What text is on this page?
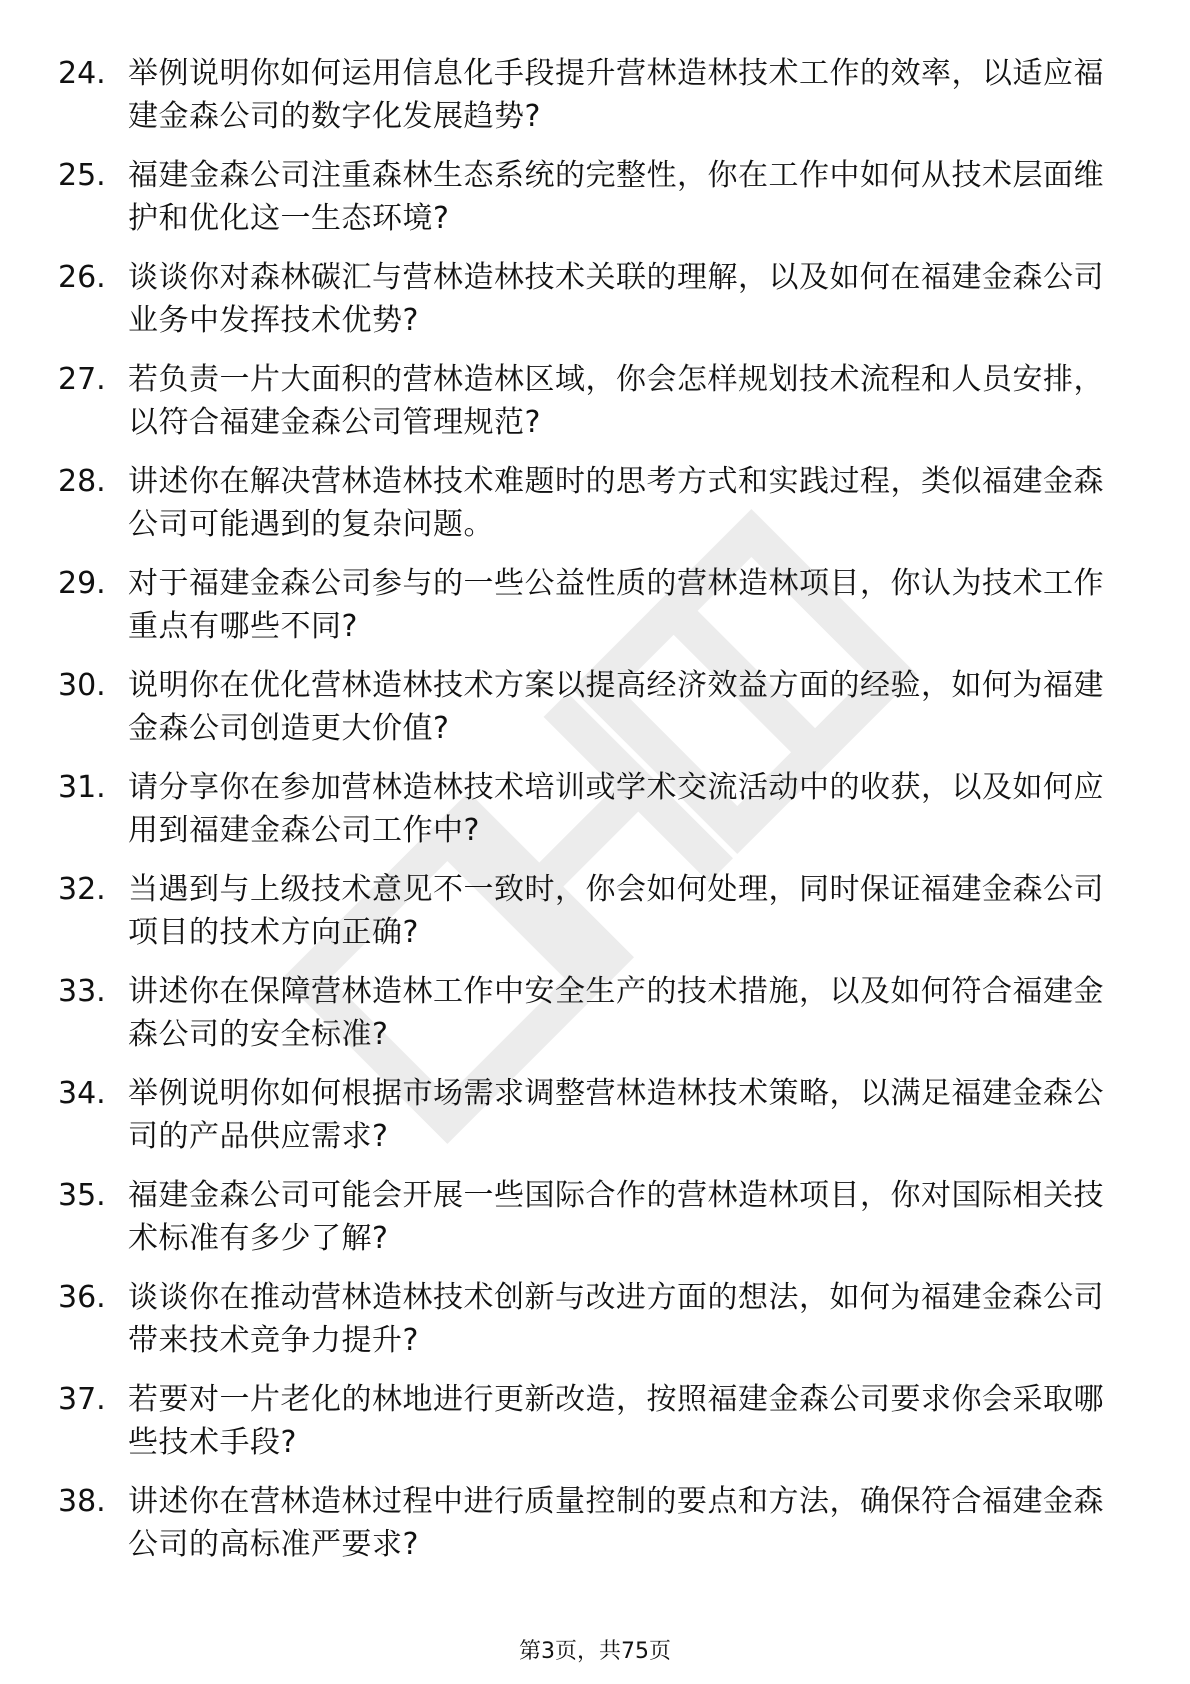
24. 举例说明你如何运用信息化手段提升营林造林技术工作的效率，以适应福建金森公司的数字化发展趋势?
25. 福建金森公司注重森林生态系统的完整性，你在工作中如何从技术层面维护和优化这一生态环境?
26. 谈谈你对森林碳汇与营林造林技术关联的理解，以及如何在福建金森公司业务中发挥技术优势?
27. 若负责一片大面积的营林造林区域，你会怎样规划技术流程和人员安排，以符合福建金森公司管理规范?
28. 讲述你在解决营林造林技术难题时的思考方式和实践过程，类似福建金森公司可能遇到的复杂问题。
29. 对于福建金森公司参与的一些公益性质的营林造林项目，你认为技术工作重点有哪些不同?
30. 说明你在优化营林造林技术方案以提高经济效益方面的经验，如何为福建金森公司创造更大价值?
31. 请分享你在参加营林造林技术培训或学术交流活动中的收获，以及如何应用到福建金森公司工作中?
32. 当遇到与上级技术意见不一致时，你会如何处理，同时保证福建金森公司项目的技术方向正确?
33. 讲述你在保障营林造林工作中安全生产的技术措施，以及如何符合福建金森公司的安全标准?
34. 举例说明你如何根据市场需求调整营林造林技术策略，以满足福建金森公司的产品供应需求?
35. 福建金森公司可能会开展一些国际合作的营林造林项目，你对国际相关技术标准有多少了解?
36. 谈谈你在推动营林造林技术创新与改进方面的想法，如何为福建金森公司带来技术竞争力提升?
37. 若要对一片老化的林地进行更新改造，按照福建金森公司要求你会采取哪些技术手段?
38. 讲述你在营林造林过程中进行质量控制的要点和方法，确保符合福建金森公司的高标准严要求?
第3页，共75页
